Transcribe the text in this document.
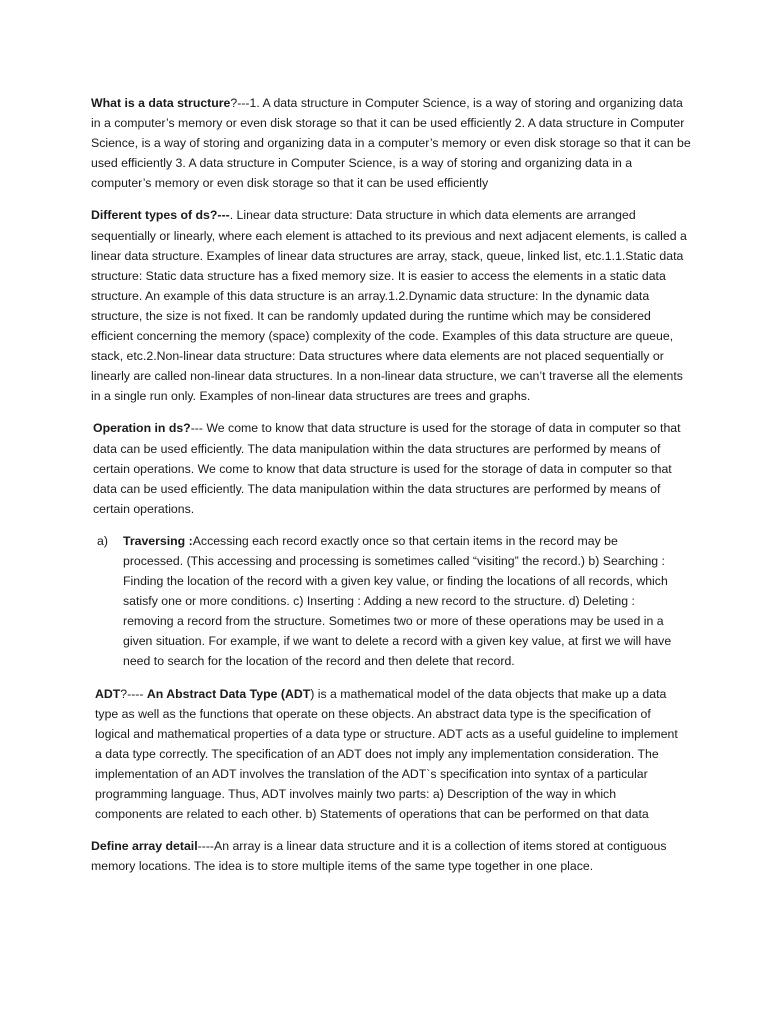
What is a data structure?---1. A data structure in Computer Science, is a way of storing and organizing data in a computer’s memory or even disk storage so that it can be used efficiently 2. A data structure in Computer Science, is a way of storing and organizing data in a computer’s memory or even disk storage so that it can be used efficiently 3. A data structure in Computer Science, is a way of storing and organizing data in a computer’s memory or even disk storage so that it can be used efficiently

Different types of ds?---. Linear data structure: Data structure in which data elements are arranged sequentially or linearly, where each element is attached to its previous and next adjacent elements, is called a linear data structure. Examples of linear data structures are array, stack, queue, linked list, etc.1.1.Static data structure: Static data structure has a fixed memory size. It is easier to access the elements in a static data structure. An example of this data structure is an array.1.2.Dynamic data structure: In the dynamic data structure, the size is not fixed. It can be randomly updated during the runtime which may be considered efficient concerning the memory (space) complexity of the code. Examples of this data structure are queue, stack, etc.2.Non-linear data structure: Data structures where data elements are not placed sequentially or linearly are called non-linear data structures. In a non-linear data structure, we can’t traverse all the elements in a single run only. Examples of non-linear data structures are trees and graphs.

Operation in ds?--- We come to know that data structure is used for the storage of data in computer so that data can be used efficiently. The data manipulation within the data structures are performed by means of certain operations. We come to know that data structure is used for the storage of data in computer so that data can be used efficiently. The data manipulation within the data structures are performed by means of certain operations.

a)	Traversing :Accessing each record exactly once so that certain items in the record may be processed. (This accessing and processing is sometimes called “visiting” the record.) b) Searching : Finding the location of the record with a given key value, or finding the locations of all records, which satisfy one or more conditions. c) Inserting : Adding a new record to the structure. d) Deleting : removing a record from the structure. Sometimes two or more of these operations may be used in a given situation. For example, if we want to delete a record with a given key value, at first we will have need to search for the location of the record and then delete that record.

ADT?---- An Abstract Data Type (ADT) is a mathematical model of the data objects that make up a data type as well as the functions that operate on these objects. An abstract data type is the specification of logical and mathematical properties of a data type or structure. ADT acts as a useful guideline to implement a data type correctly. The specification of an ADT does not imply any implementation consideration. The implementation of an ADT involves the translation of the ADT`s specification into syntax of a particular programming language. Thus, ADT involves mainly two parts: a) Description of the way in which components are related to each other. b) Statements of operations that can be performed on that data

Define array detail----An array is a linear data structure and it is a collection of items stored at contiguous memory locations. The idea is to store multiple items of the same type together in one place.
